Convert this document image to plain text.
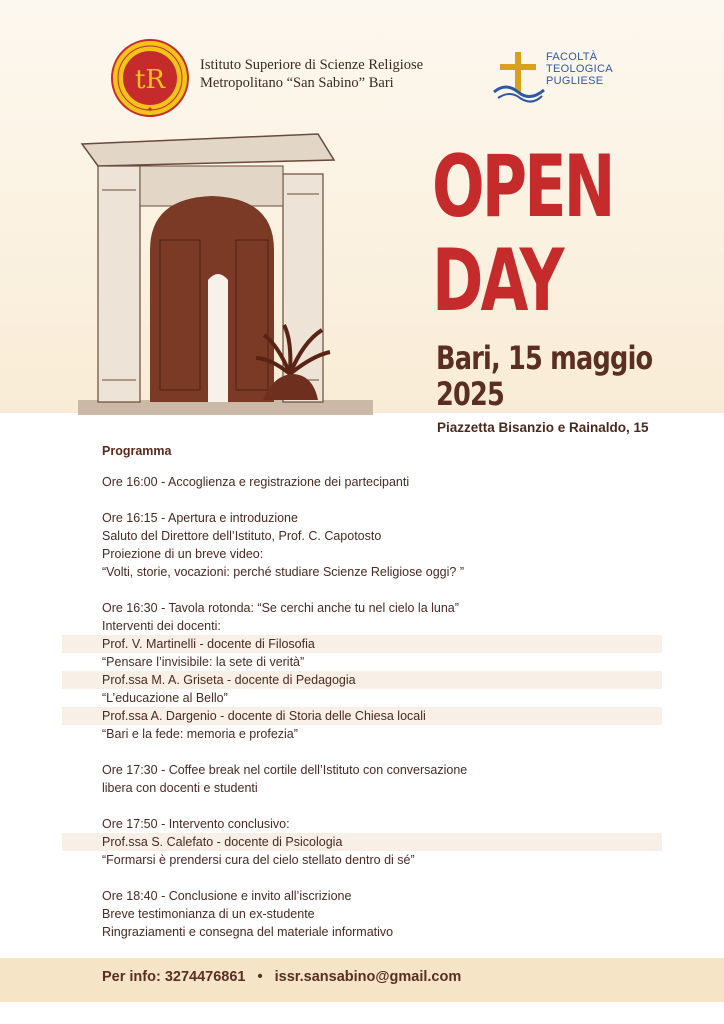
tR
✦
Istituto Superiore di Scienze Religiose
Metropolitano “San Sabino” Bari
FACOLTÀ
TEOLOGICA
PUGLIESE
OPEN
DAY
Bari, 15 maggio
2025
Piazzetta Bisanzio e Rainaldo, 15
Programma
Ore 16:00 - Accoglienza e registrazione dei partecipanti
Ore 16:15 - Apertura e introduzione
Saluto del Direttore dell’Istituto, Prof. C. Capotosto
Proiezione di un breve video:
“Volti, storie, vocazioni: perché studiare Scienze Religiose oggi? ”
Ore 16:30 - Tavola rotonda: “Se cerchi anche tu nel cielo la luna”
Interventi dei docenti:
Prof. V. Martinelli - docente di Filosofia
“Pensare l’invisibile: la sete di verità”
Prof.ssa M. A. Griseta - docente di Pedagogia
“L’educazione al Bello”
Prof.ssa A. Dargenio - docente di Storia delle Chiesa locali
“Bari e la fede: memoria e profezia”
Ore 17:30 - Coffee break nel cortile dell’Istituto con conversazione
libera con docenti e studenti
Ore 17:50 - Intervento conclusivo:
Prof.ssa S. Calefato - docente di Psicologia
“Formarsi è prendersi cura del cielo stellato dentro di sé”
Ore 18:40 - Conclusione e invito all’iscrizione
Breve testimonianza di un ex-studente
Ringraziamenti e consegna del materiale informativo
Per info: 3274476861 • issr.sansabino@gmail.com
